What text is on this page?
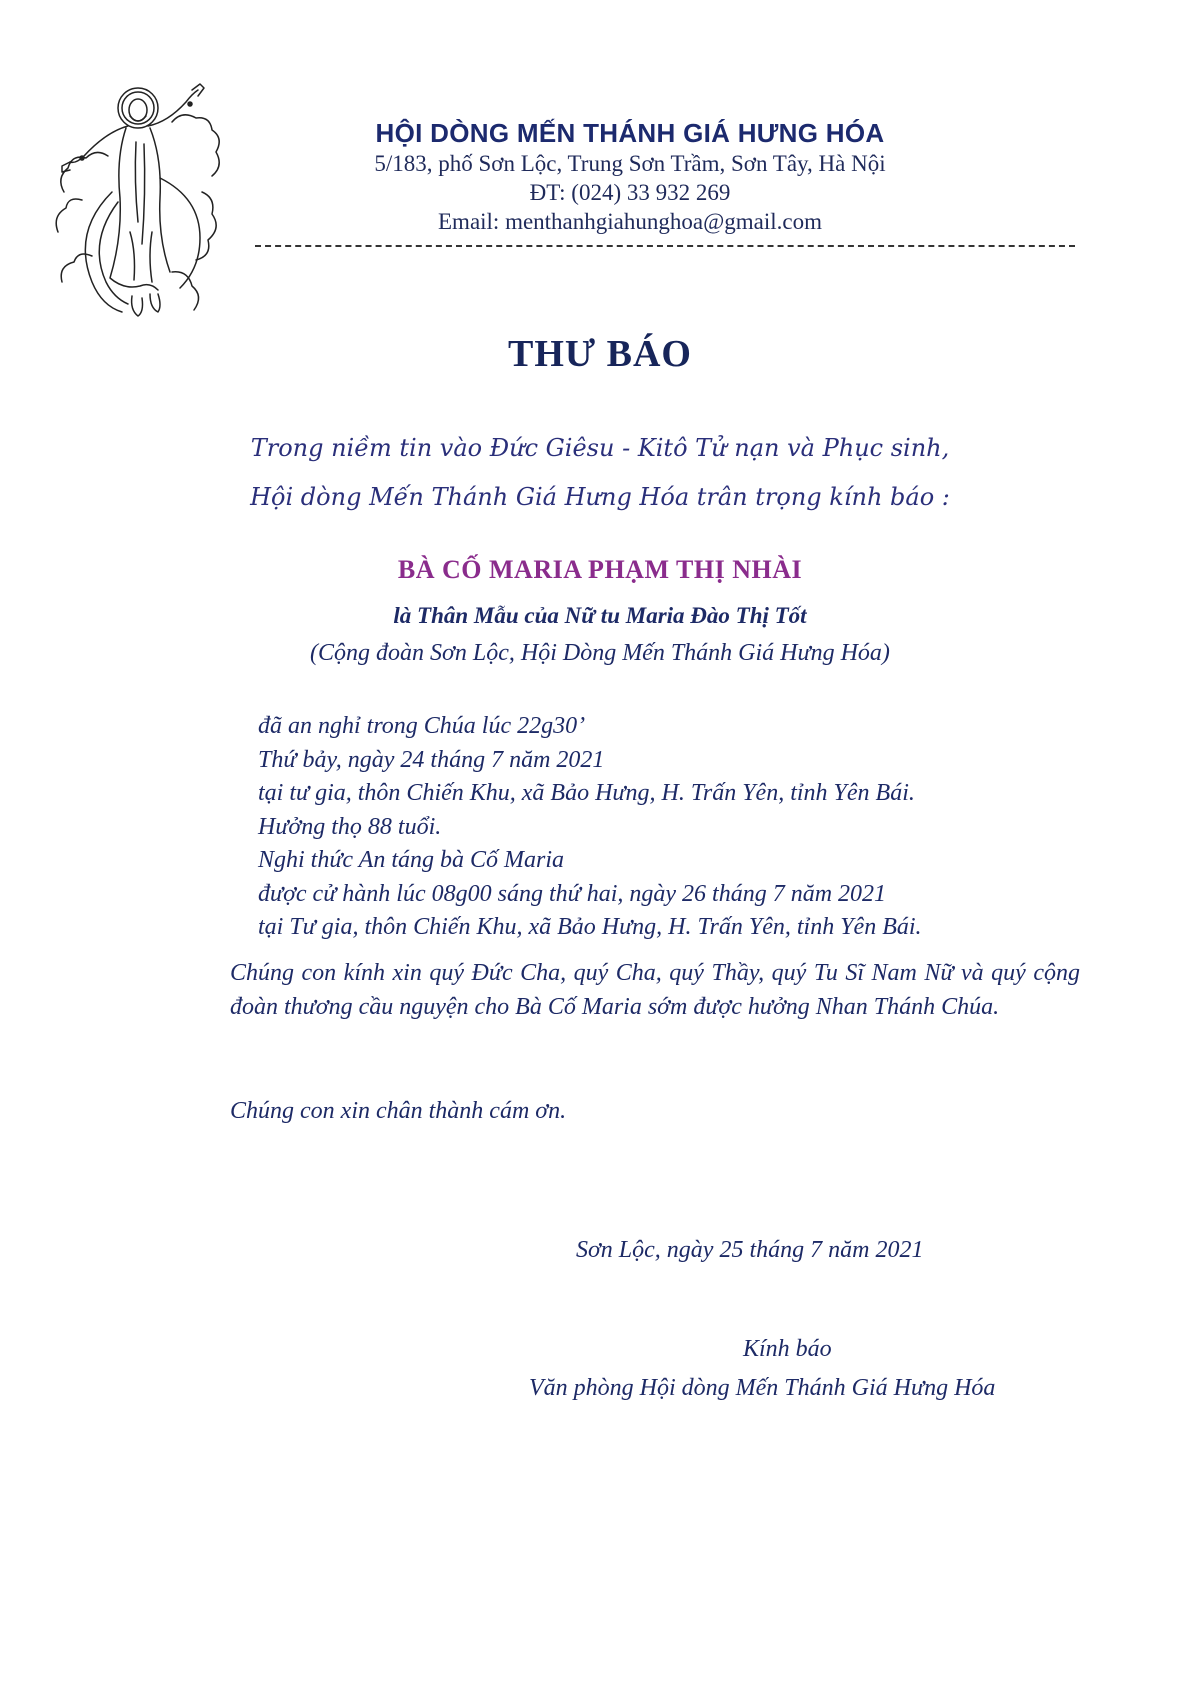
HỘI DÒNG MẾN THÁNH GIÁ HƯNG HÓA
5/183, phố Sơn Lộc, Trung Sơn Trầm, Sơn Tây, Hà Nội
ĐT: (024) 33 932 269
Email: menthanhgiahunghoa@gmail.com
THƯ BÁO
Trong niềm tin vào Đức Giêsu - Kitô Tử nạn và Phục sinh,
Hội dòng Mến Thánh Giá Hưng Hóa trân trọng kính báo :
BÀ CỐ MARIA PHẠM THỊ NHÀI
là Thân Mẫu của Nữ tu Maria Đào Thị Tốt
(Cộng đoàn Sơn Lộc, Hội Dòng Mến Thánh Giá Hưng Hóa)
đã an nghỉ trong Chúa lúc 22g30’
Thứ bảy, ngày 24 tháng 7 năm 2021
tại tư gia, thôn Chiến Khu, xã Bảo Hưng, H. Trấn Yên, tỉnh Yên Bái.
Hưởng thọ 88 tuổi.
Nghi thức An táng bà Cố Maria
được cử hành lúc 08g00 sáng thứ hai, ngày 26 tháng 7 năm 2021
tại Tư gia, thôn Chiến Khu, xã Bảo Hưng, H. Trấn Yên, tỉnh Yên Bái.
Chúng con kính xin quý Đức Cha, quý Cha, quý Thầy, quý Tu Sĩ Nam Nữ và quý cộng đoàn thương cầu nguyện cho Bà Cố Maria sớm được hưởng Nhan Thánh Chúa.
Chúng con xin chân thành cám ơn.
Sơn Lộc, ngày 25 tháng 7 năm 2021
Kính báo
Văn phòng Hội dòng Mến Thánh Giá Hưng Hóa
